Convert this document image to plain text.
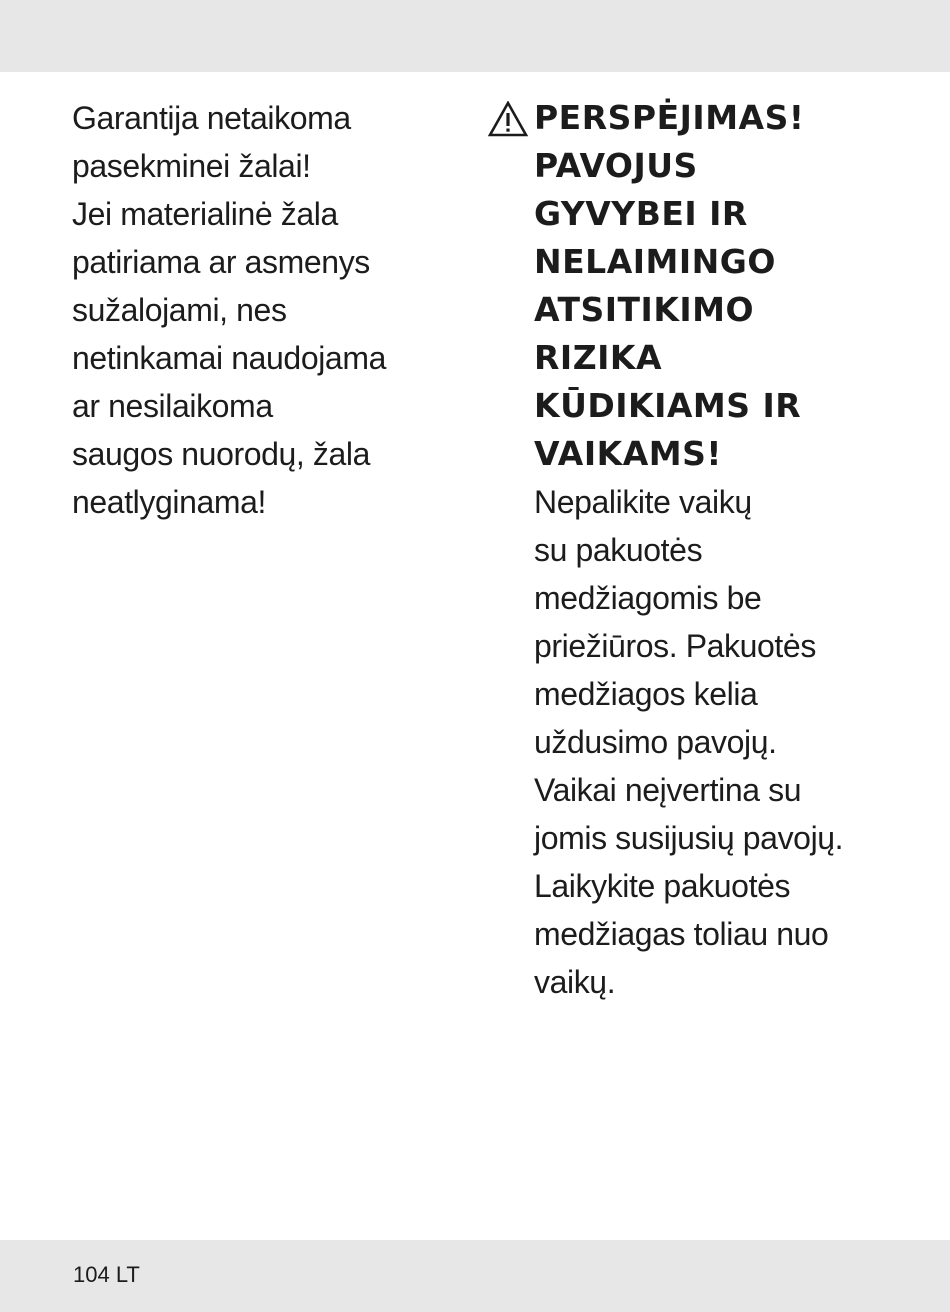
Garantija netaikoma
pasekminei žalai!
Jei materialinė žala
patiriama ar asmenys
sužalojami, nes
netinkamai naudojama
ar nesilaikoma
saugos nuorodų, žala
neatlyginama!
PERSPĖJIMAS!
PAVOJUS
GYVYBEI IR
NELAIMINGO
ATSITIKIMO
RIZIKA
KŪDIKIAMS IR
VAIKAMS!
Nepalikite vaikų
su pakuotės
medžiagomis be
priežiūros. Pakuotės
medžiagos kelia
uždusimo pavojų.
Vaikai neįvertina su
jomis susijusių pavojų.
Laikykite pakuotės
medžiagas toliau nuo
vaikų.
104 LT
